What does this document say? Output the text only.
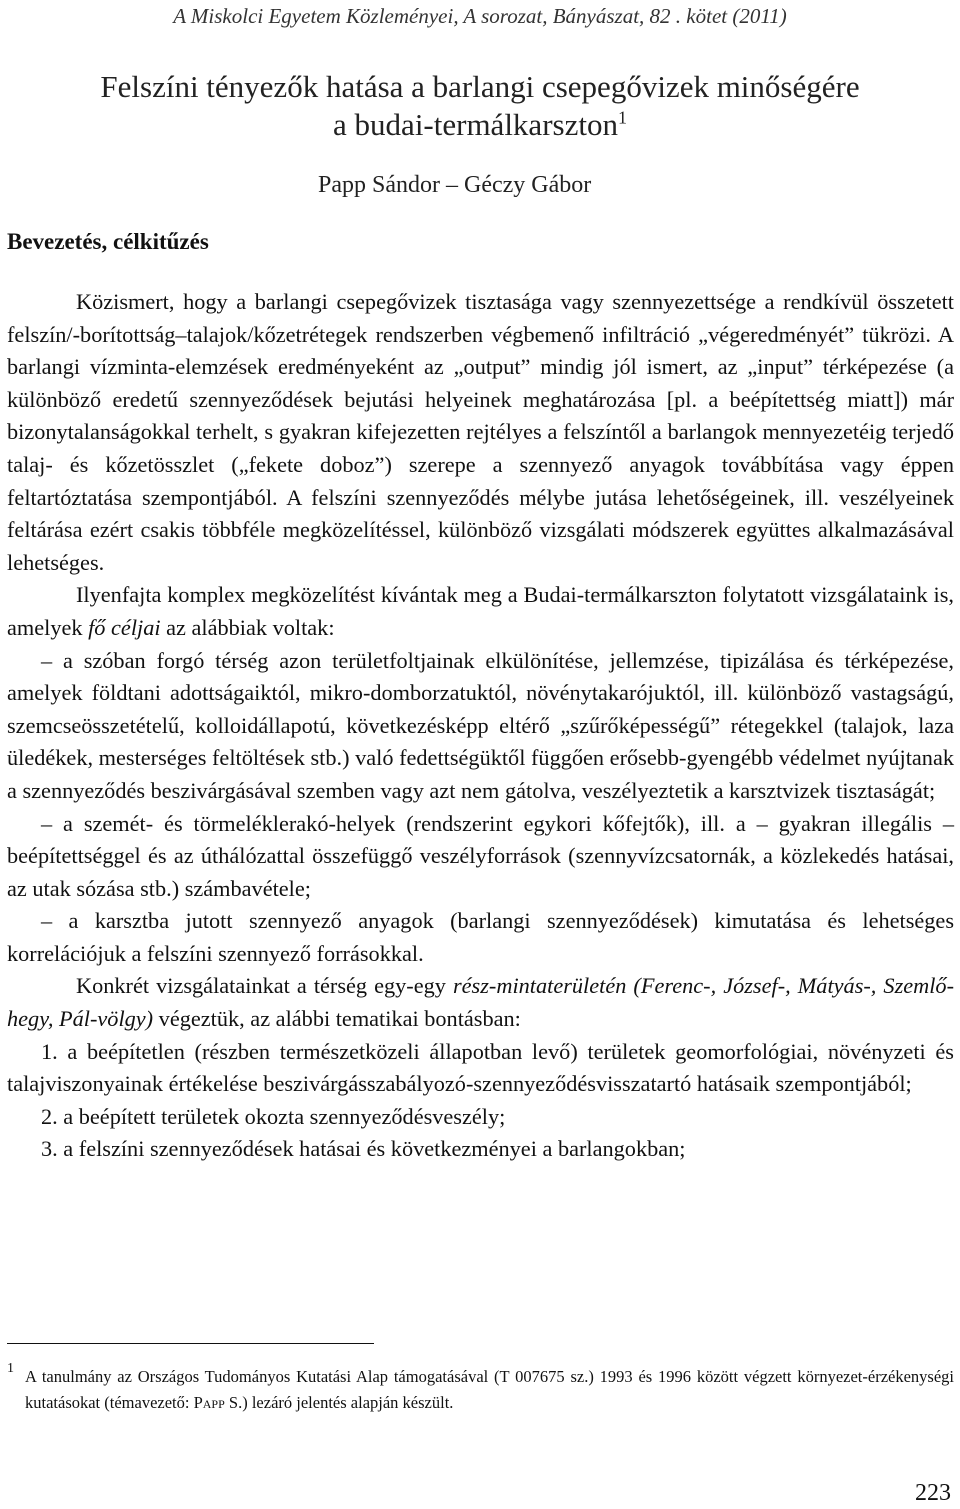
A Miskolci Egyetem Közleményei, A sorozat, Bányászat, 82 . kötet (2011)
Felszíni tényezők hatása a barlangi csepegővizek minőségére
a budai-termálkarszton$^1$
Papp Sándor – Géczy Gábor
Bevezetés, célkitűzés

Közismert, hogy a barlangi csepegővizek tisztasága vagy szennyezettsége a rendkívül összetett felszín/-borítottság–talajok/kőzetrétegek rendszerben végbemenő infiltráció „végeredményét” tükrözi. A barlangi vízminta-elemzések eredményeként az „output” mindig jól ismert, az „input” térképezése (a különböző eredetű szennyeződések bejutási helyeinek meghatározása [pl. a beépítettség miatt]) már bizonytalanságokkal terhelt, s gyakran kifejezetten rejtélyes a felszíntől a barlangok mennyezetéig terjedő talaj- és kőzetösszlet („fekete doboz”) szerepe a szennyező anyagok továbbítása vagy éppen feltartóztatása szempontjából. A felszíni szennyeződés mélybe jutása lehetőségeinek, ill. veszélyeinek feltárása ezért csakis többféle megközelítéssel, különböző vizsgálati módszerek együttes alkalmazásával lehetséges.

Ilyenfajta komplex megközelítést kívántak meg a Budai-termálkarszton folytatott vizsgálataink is, amelyek fő céljai az alábbiak voltak:

– a szóban forgó térség azon területfoltjainak elkülönítése, jellemzése, tipizálása és térképezése, amelyek földtani adottságaiktól, mikro-domborzatuktól, növénytakarójuktól, ill. különböző vastagságú, szemcseösszetételű, kolloidállapotú, következésképp eltérő „szűrőképességű” rétegekkel (talajok, laza üledékek, mesterséges feltöltések stb.) való fedettségüktől függően erősebb-gyengébb védelmet nyújtanak a szennyeződés beszivárgásával szemben vagy azt nem gátolva, veszélyeztetik a karsztvizek tisztaságát;

– a szemét- és törmeléklerakó-helyek (rendszerint egykori kőfejtők), ill. a – gyakran illegális – beépítettséggel és az úthálózattal összefüggő veszélyforrások (szennyvízcsatornák, a közlekedés hatásai, az utak sózása stb.) számbavétele;

– a karsztba jutott szennyező anyagok (barlangi szennyeződések) kimutatása és lehetséges korrelációjuk a felszíni szennyező forrásokkal.

Konkrét vizsgálatainkat a térség egy-egy rész-mintaterületén (Ferenc-, József-, Mátyás-, Szemlő-hegy, Pál-völgy) végeztük, az alábbi tematikai bontásban:

1. a beépítetlen (részben természetközeli állapotban levő) területek geomorfológiai, növényzeti és talajviszonyainak értékelése beszivárgásszabályozó-szennyeződésvisszatartó hatásaik szempontjából;

2. a beépített területek okozta szennyeződésveszély;

3. a felszíni szennyeződések hatásai és következményei a barlangokban;

1 A tanulmány az Országos Tudományos Kutatási Alap támogatásával (T 007675 sz.) 1993 és 1996 között végzett környezet-érzékenységi kutatásokat (témavezető: Papp S.) lezáró jelentés alapján készült.
223
